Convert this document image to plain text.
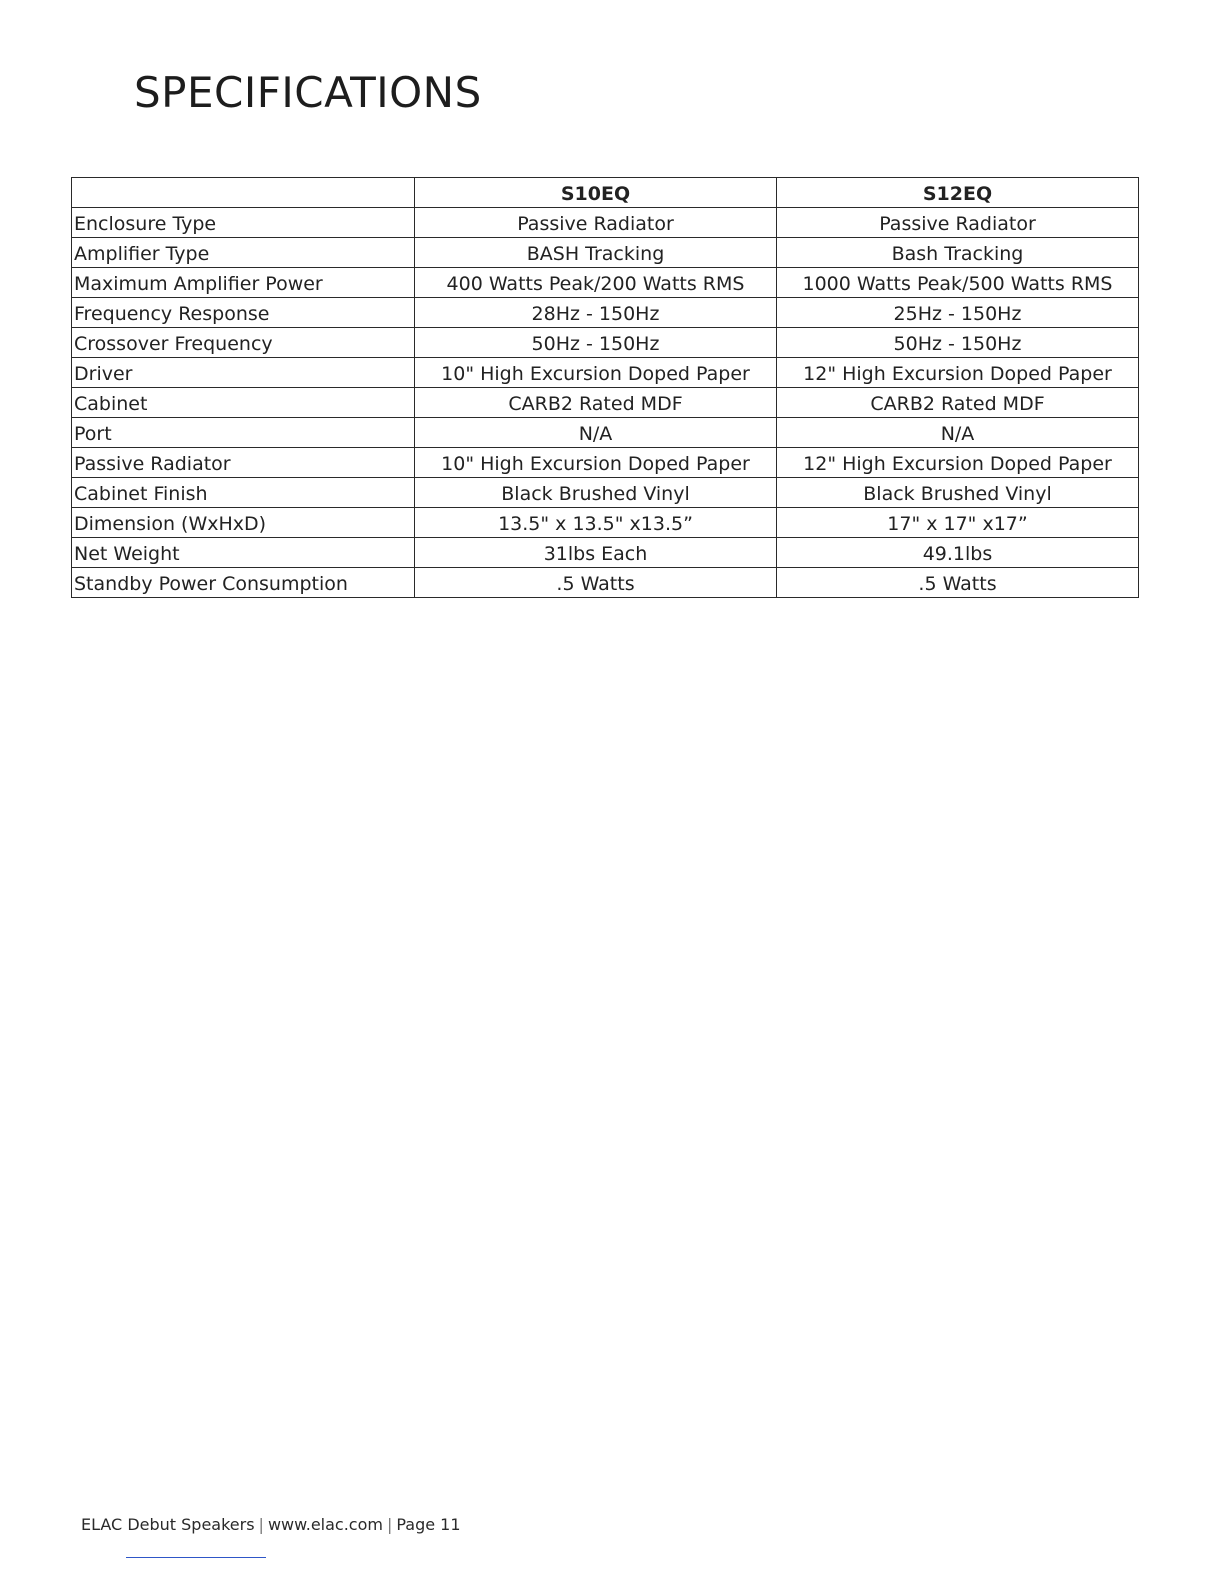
SPECIFICATIONS
	S10EQ	S12EQ
Enclosure Type	Passive Radiator	Passive Radiator
Amplifier Type	BASH Tracking	Bash Tracking
Maximum Amplifier Power	400 Watts Peak/200 Watts RMS	1000 Watts Peak/500 Watts RMS
Frequency Response	28Hz - 150Hz	25Hz - 150Hz
Crossover Frequency	50Hz - 150Hz	50Hz - 150Hz
Driver	10" High Excursion Doped Paper	12" High Excursion Doped Paper
Cabinet	CARB2 Rated MDF	CARB2 Rated MDF
Port	N/A	N/A
Passive Radiator	10" High Excursion Doped Paper	12" High Excursion Doped Paper
Cabinet Finish	Black Brushed Vinyl	Black Brushed Vinyl
Dimension (WxHxD)	13.5" x 13.5" x13.5”	17" x 17" x17”
Net Weight	31lbs Each	49.1lbs
Standby Power Consumption	.5 Watts	.5 Watts
ELAC Debut Speakers | www.elac.com | Page 11
